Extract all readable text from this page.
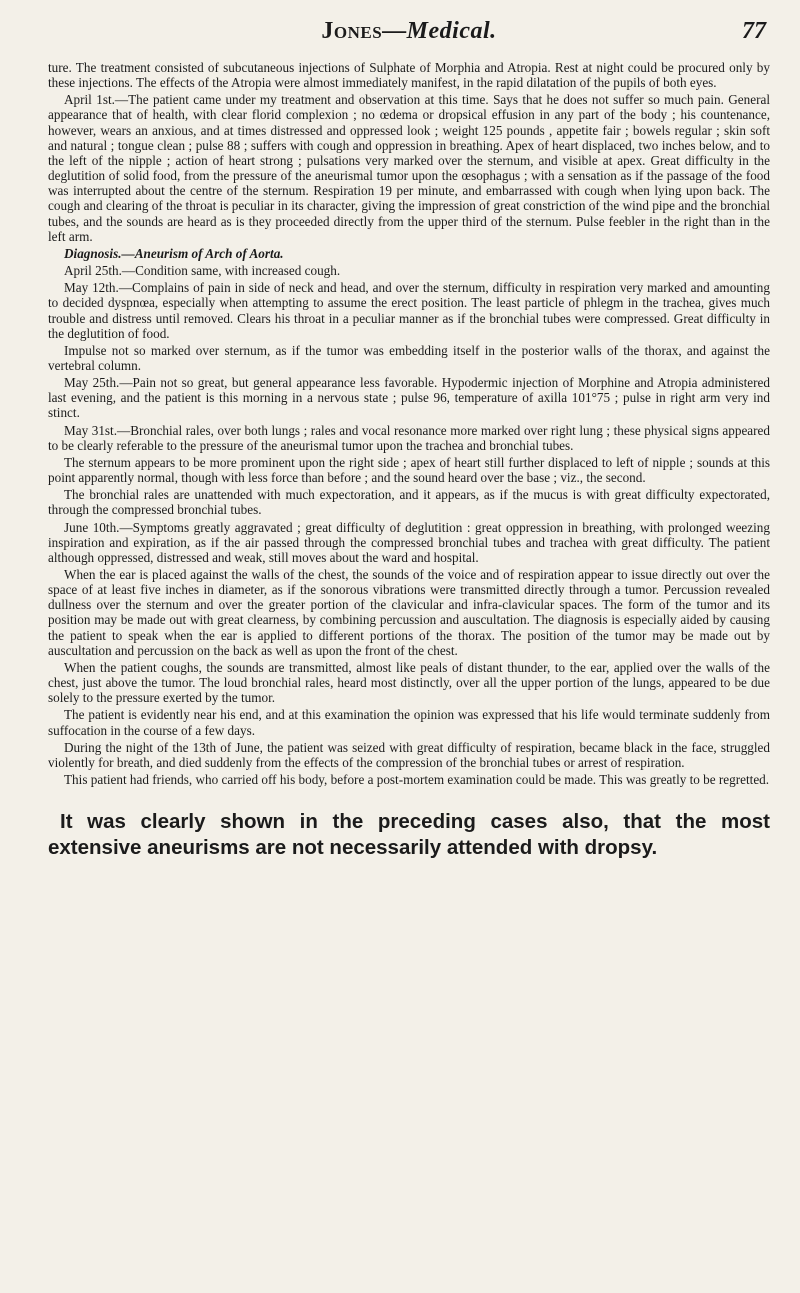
Jones—Medical.	77

ture. The treatment consisted of subcutaneous injections of Sulphate of Morphia and Atropia. Rest at night could be procured only by these injections. The effects of the Atropia were almost immediately manifest, in the rapid dilatation of the pupils of both eyes.

April 1st.—The patient came under my treatment and observation at this time. Says that he does not suffer so much pain. General appearance that of health, with clear florid complexion ; no œdema or dropsical effusion in any part of the body ; his countenance, however, wears an anxious, and at times distressed and oppressed look ; weight 125 pounds , appetite fair ; bowels regular ; skin soft and natural ; tongue clean ; pulse 88 ; suffers with cough and oppression in breathing. Apex of heart displaced, two inches below, and to the left of the nipple ; action of heart strong ; pulsations very marked over the sternum, and visible at apex. Great difficulty in the deglutition of solid food, from the pressure of the aneurismal tumor upon the œsophagus ; with a sensation as if the passage of the food was interrupted about the centre of the sternum. Respiration 19 per minute, and embarrassed with cough when lying upon back. The cough and clearing of the throat is peculiar in its character, giving the impression of great constriction of the wind pipe and the bronchial tubes, and the sounds are heard as is they proceeded directly from the upper third of the sternum. Pulse feebler in the right than in the left arm.

Diagnosis.—Aneurism of Arch of Aorta.

April 25th.—Condition same, with increased cough.

May 12th.—Complains of pain in side of neck and head, and over the sternum, difficulty in respiration very marked and amounting to decided dyspnœa, especially when attempting to assume the erect position. The least particle of phlegm in the trachea, gives much trouble and distress until removed. Clears his throat in a peculiar manner as if the bronchial tubes were compressed. Great difficulty in the deglutition of food.

Impulse not so marked over sternum, as if the tumor was embedding itself in the posterior walls of the thorax, and against the vertebral column.

May 25th.—Pain not so great, but general appearance less favorable. Hypodermic injection of Morphine and Atropia administered last evening, and the patient is this morning in a nervous state ; pulse 96, temperature of axilla 101°75 ; pulse in right arm very ind stinct.

May 31st.—Bronchial rales, over both lungs ; rales and vocal resonance more marked over right lung ; these physical signs appeared to be clearly referable to the pressure of the aneurismal tumor upon the trachea and bronchial tubes.

The sternum appears to be more prominent upon the right side ; apex of heart still further displaced to left of nipple ; sounds at this point apparently normal, though with less force than before ; and the sound heard over the base ; viz., the second.

The bronchial rales are unattended with much expectoration, and it appears, as if the mucus is with great difficulty expectorated, through the compressed bronchial tubes.

June 10th.—Symptoms greatly aggravated ; great difficulty of deglutition : great oppression in breathing, with prolonged weezing inspiration and expiration, as if the air passed through the compressed bronchial tubes and trachea with great difficulty. The patient although oppressed, distressed and weak, still moves about the ward and hospital.

When the ear is placed against the walls of the chest, the sounds of the voice and of respiration appear to issue directly out over the space of at least five inches in diameter, as if the sonorous vibrations were transmitted directly through a tumor. Percussion revealed dullness over the sternum and over the greater portion of the clavicular and infra-clavicular spaces. The form of the tumor and its position may be made out with great clearness, by combining percussion and auscultation. The diagnosis is especially aided by causing the patient to speak when the ear is applied to different portions of the thorax. The position of the tumor may be made out by auscultation and percussion on the back as well as upon the front of the chest.

When the patient coughs, the sounds are transmitted, almost like peals of distant thunder, to the ear, applied over the walls of the chest, just above the tumor. The loud bronchial rales, heard most distinctly, over all the upper portion of the lungs, appeared to be due solely to the pressure exerted by the tumor.

The patient is evidently near his end, and at this examination the opinion was expressed that his life would terminate suddenly from suffocation in the course of a few days.

During the night of the 13th of June, the patient was seized with great difficulty of respiration, became black in the face, struggled violently for breath, and died suddenly from the effects of the compression of the bronchial tubes or arrest of respiration.

This patient had friends, who carried off his body, before a post-mortem examination could be made. This was greatly to be regretted.

It was clearly shown in the preceding cases also, that the most extensive aneurisms are not necessarily attended with dropsy.
